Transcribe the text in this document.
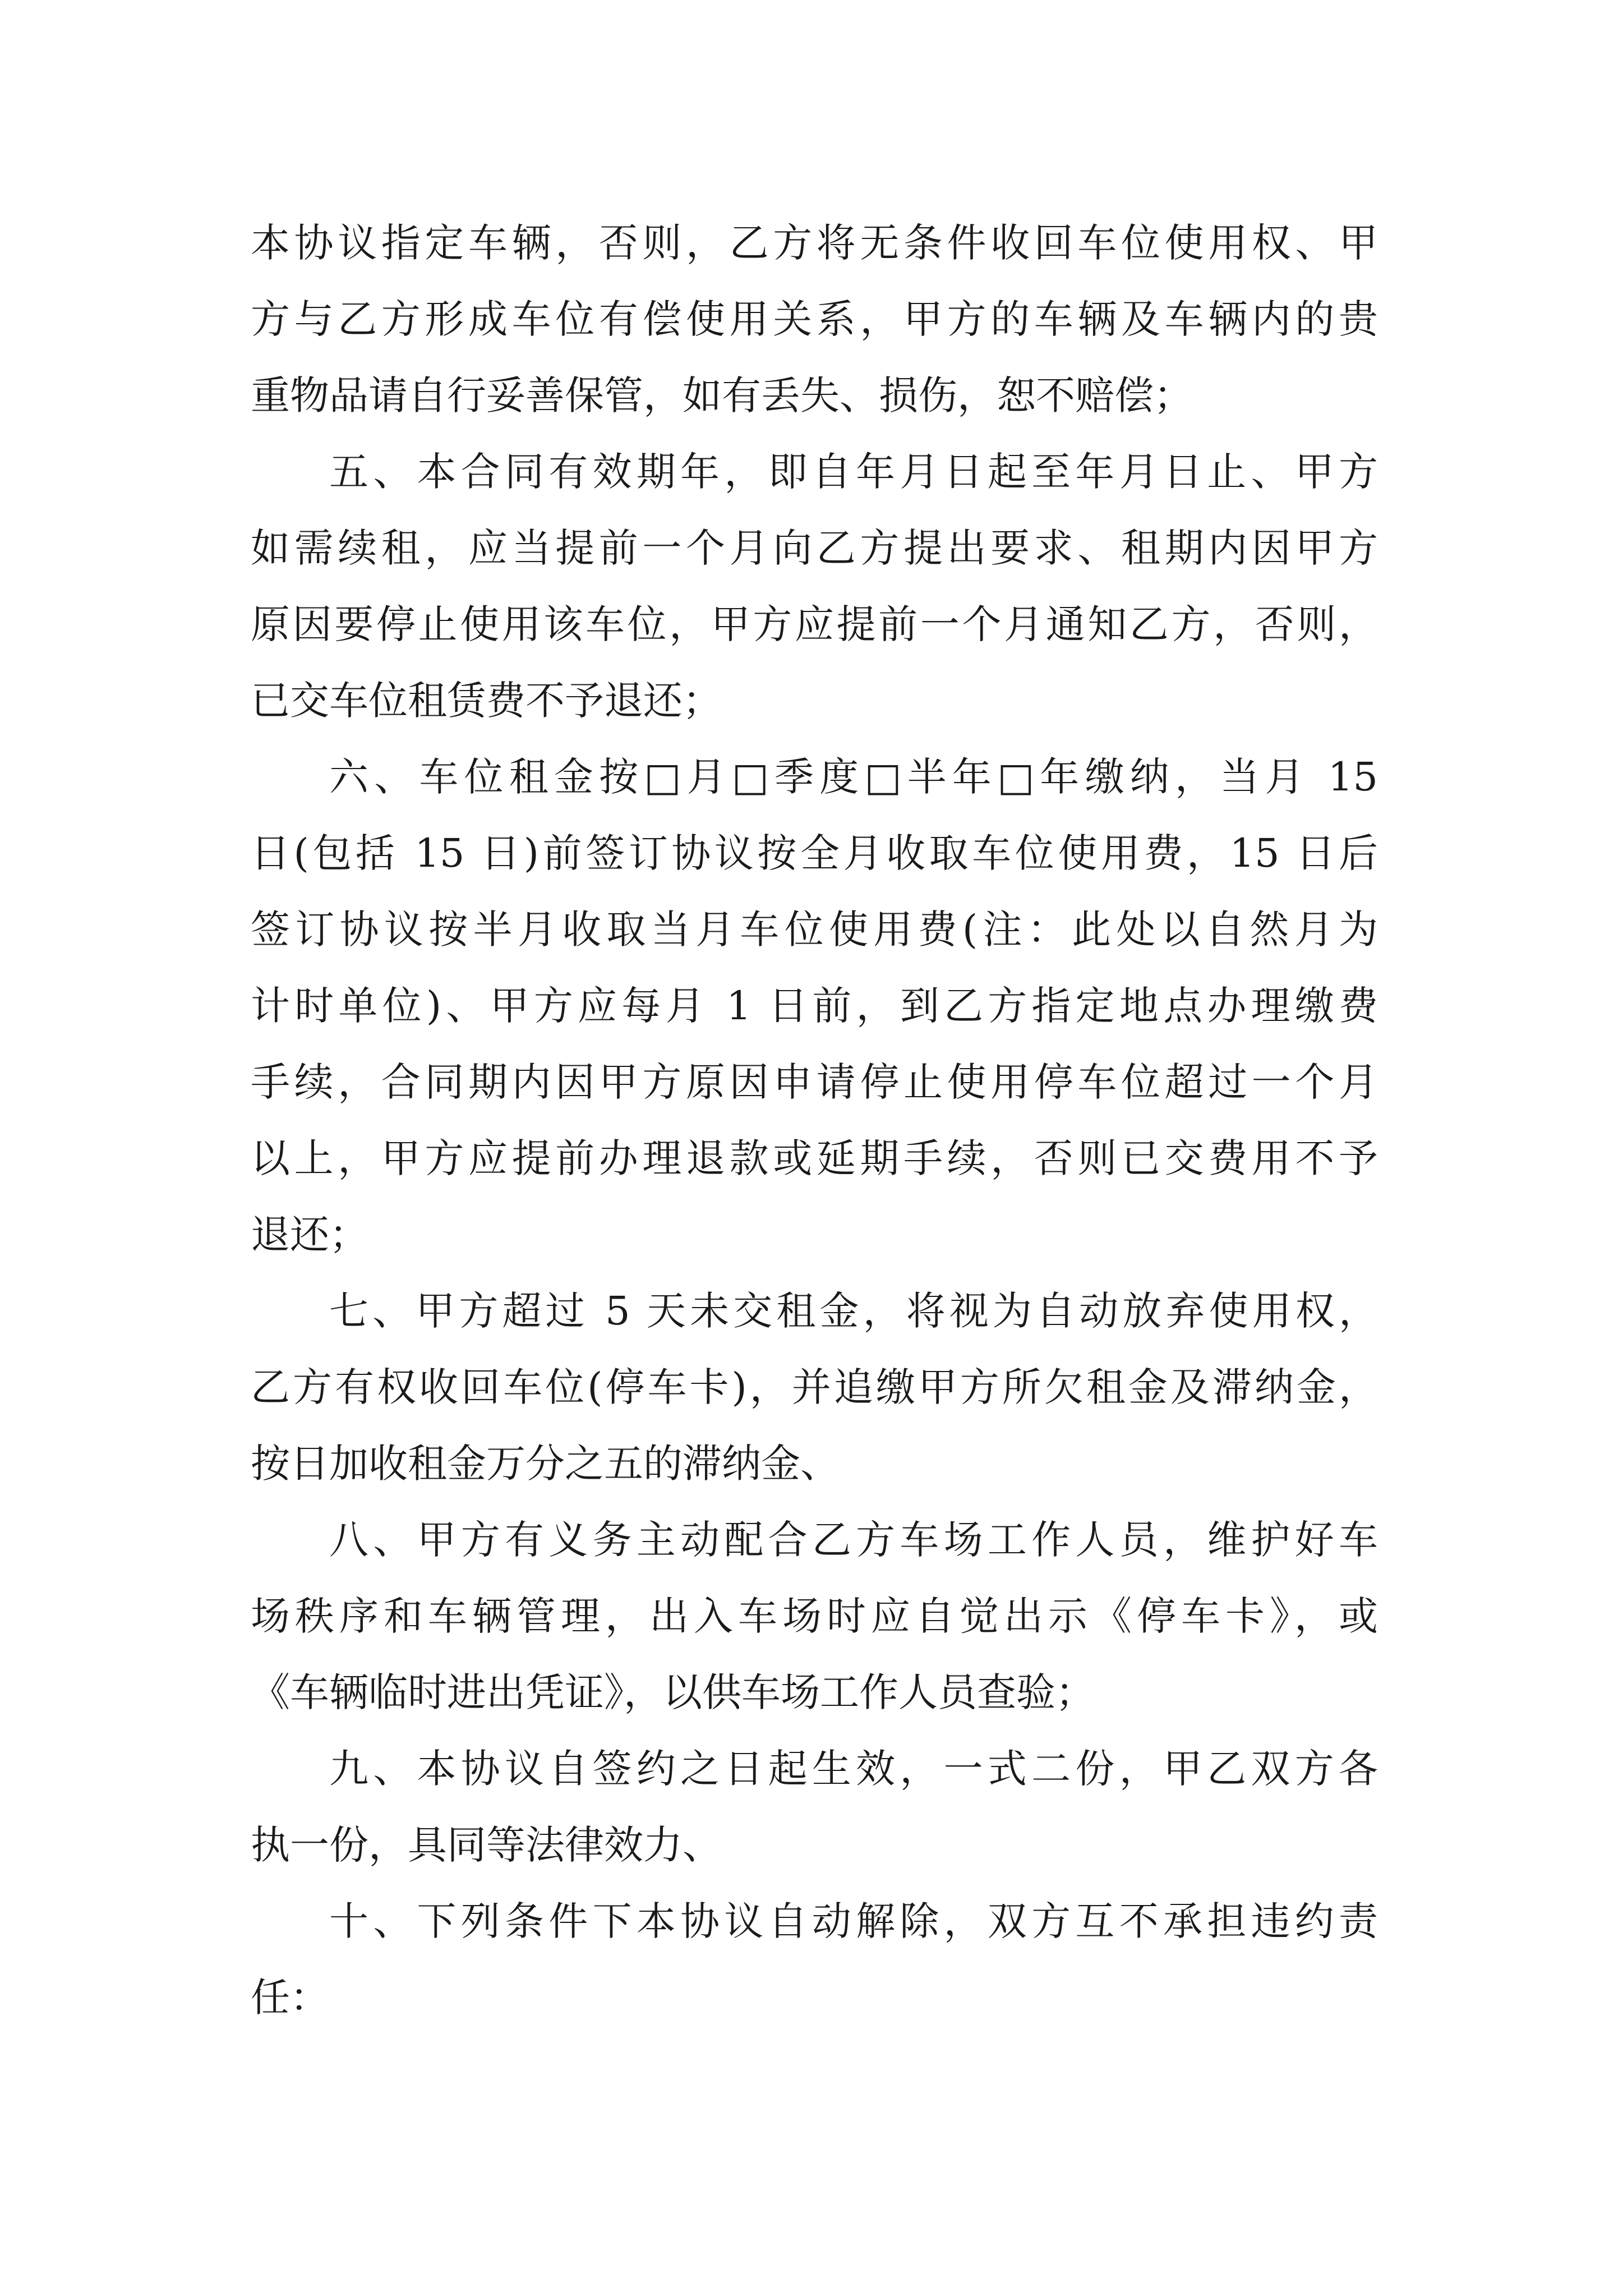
本协议指定车辆，否则，乙方将无条件收回车位使用权、甲
方与乙方形成车位有偿使用关系，甲方的车辆及车辆内的贵
重物品请自行妥善保管，如有丢失、损伤，恕不赔偿；
五、本合同有效期年，即自年月日起至年月日止、甲方
如需续租，应当提前一个月向乙方提出要求、租期内因甲方
原因要停止使用该车位，甲方应提前一个月通知乙方，否则，
已交车位租赁费不予退还；
六、车位租金按□月□季度□半年□年缴纳，当月 15
日(包括 15 日)前签订协议按全月收取车位使用费，15 日后
签订协议按半月收取当月车位使用费(注：此处以自然月为
计时单位)、甲方应每月 1 日前，到乙方指定地点办理缴费
手续，合同期内因甲方原因申请停止使用停车位超过一个月
以上，甲方应提前办理退款或延期手续，否则已交费用不予
退还；
七、甲方超过 5 天未交租金，将视为自动放弃使用权，
乙方有权收回车位(停车卡)，并追缴甲方所欠租金及滞纳金，
按日加收租金万分之五的滞纳金、
八、甲方有义务主动配合乙方车场工作人员，维护好车
场秩序和车辆管理，出入车场时应自觉出示《停车卡》，或
《车辆临时进出凭证》，以供车场工作人员查验；
九、本协议自签约之日起生效，一式二份，甲乙双方各
执一份，具同等法律效力、
十、下列条件下本协议自动解除，双方互不承担违约责
任：
